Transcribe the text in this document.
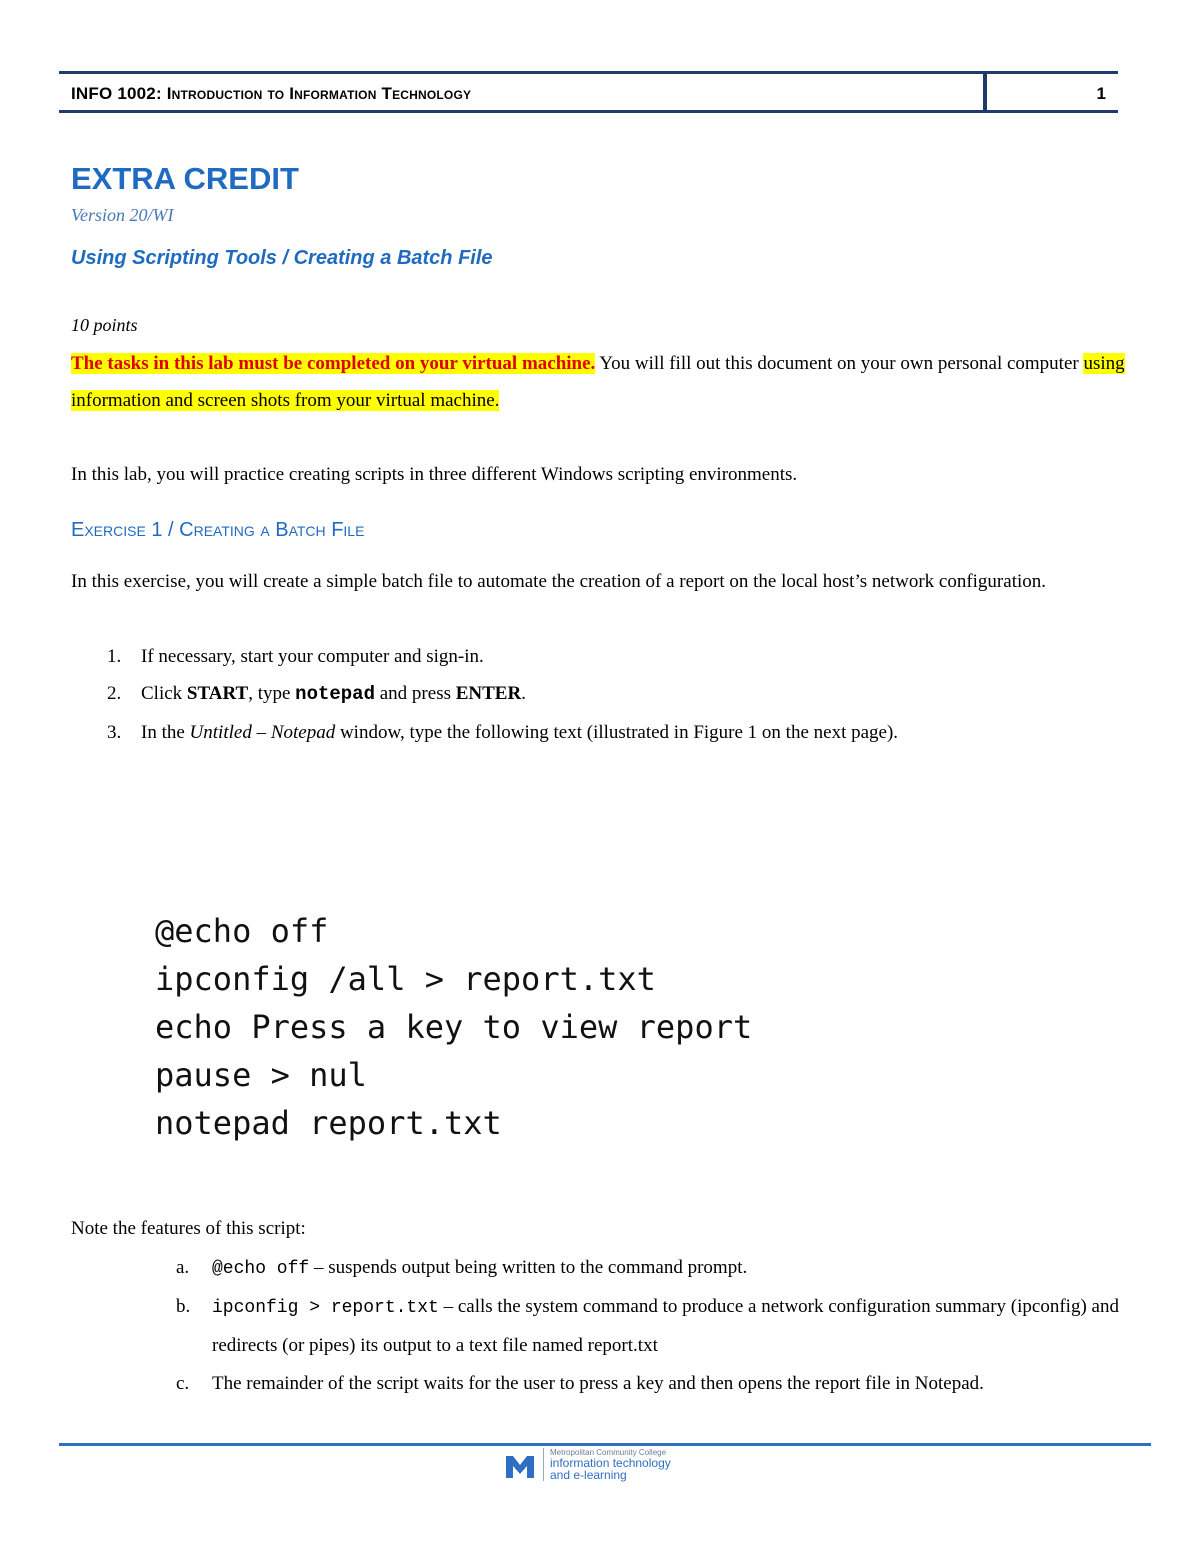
INFO 1002: Introduction to Information Technology	1
EXTRA CREDIT
Version 20/WI
Using Scripting Tools / Creating a Batch File
10 points
The tasks in this lab must be completed on your virtual machine. You will fill out this document on your own personal computer using information and screen shots from your virtual machine.
In this lab, you will practice creating scripts in three different Windows scripting environments.
Exercise 1 / Creating a Batch File
In this exercise, you will create a simple batch file to automate the creation of a report on the local host’s network configuration.
1. If necessary, start your computer and sign-in.
2. Click START, type notepad and press ENTER.
3. In the Untitled – Notepad window, type the following text (illustrated in Figure 1 on the next page).
@echo off
ipconfig /all > report.txt
echo Press a key to view report
pause > nul
notepad report.txt
Note the features of this script:
a. @echo off – suspends output being written to the command prompt.
b. ipconfig > report.txt – calls the system command to produce a network configuration summary (ipconfig) and redirects (or pipes) its output to a text file named report.txt
c. The remainder of the script waits for the user to press a key and then opens the report file in Notepad.
Metropolitan Community College
information technology
and e-learning
